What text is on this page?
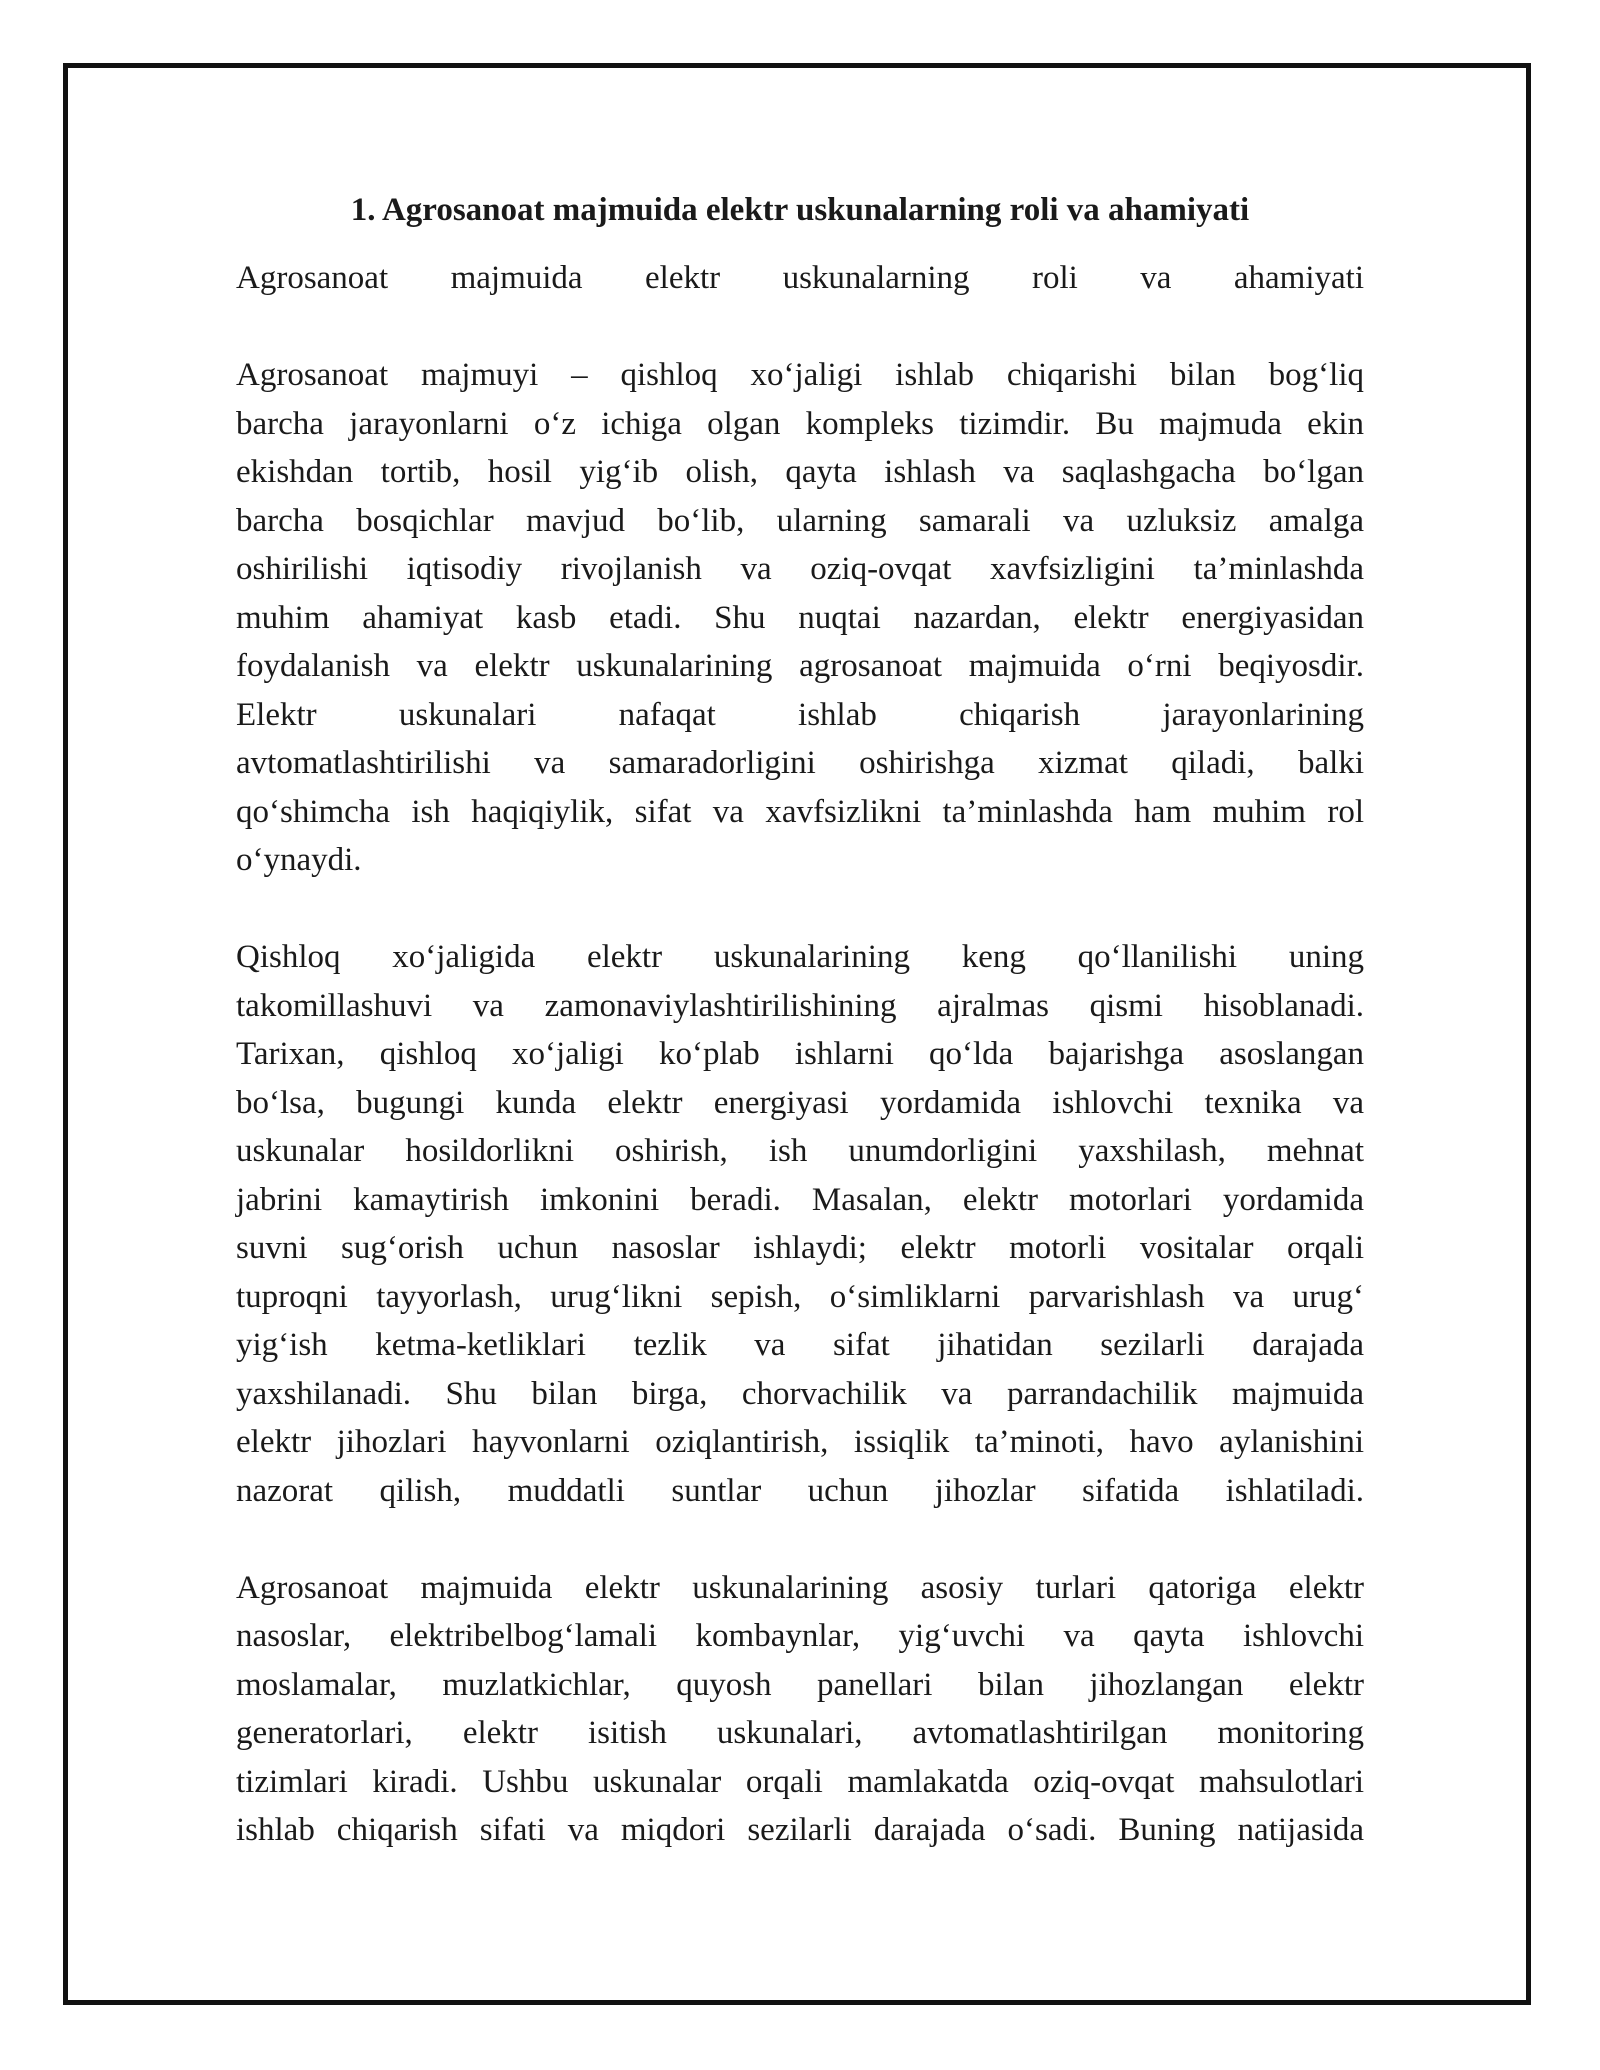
1. Agrosanoat majmuida elektr uskunalarning roli va ahamiyati
Agrosanoat majmuida elektr uskunalarning roli va ahamiyati
Agrosanoat majmuyi – qishloq xo‘jaligi ishlab chiqarishi bilan bog‘liq
barcha jarayonlarni o‘z ichiga olgan kompleks tizimdir. Bu majmuda ekin
ekishdan tortib, hosil yig‘ib olish, qayta ishlash va saqlashgacha bo‘lgan
barcha bosqichlar mavjud bo‘lib, ularning samarali va uzluksiz amalga
oshirilishi iqtisodiy rivojlanish va oziq-ovqat xavfsizligini ta’minlashda
muhim ahamiyat kasb etadi. Shu nuqtai nazardan, elektr energiyasidan
foydalanish va elektr uskunalarining agrosanoat majmuida o‘rni beqiyosdir.
Elektr uskunalari nafaqat ishlab chiqarish jarayonlarining
avtomatlashtirilishi va samaradorligini oshirishga xizmat qiladi, balki
qo‘shimcha ish haqiqiylik, sifat va xavfsizlikni ta’minlashda ham muhim rol
o‘ynaydi.
Qishloq xo‘jaligida elektr uskunalarining keng qo‘llanilishi uning
takomillashuvi va zamonaviylashtirilishining ajralmas qismi hisoblanadi.
Tarixan, qishloq xo‘jaligi ko‘plab ishlarni qo‘lda bajarishga asoslangan
bo‘lsa, bugungi kunda elektr energiyasi yordamida ishlovchi texnika va
uskunalar hosildorlikni oshirish, ish unumdorligini yaxshilash, mehnat
jabrini kamaytirish imkonini beradi. Masalan, elektr motorlari yordamida
suvni sug‘orish uchun nasoslar ishlaydi; elektr motorli vositalar orqali
tuproqni tayyorlash, urug‘likni sepish, o‘simliklarni parvarishlash va urug‘
yig‘ish ketma-ketliklari tezlik va sifat jihatidan sezilarli darajada
yaxshilanadi. Shu bilan birga, chorvachilik va parrandachilik majmuida
elektr jihozlari hayvonlarni oziqlantirish, issiqlik ta’minoti, havo aylanishini
nazorat qilish, muddatli suntlar uchun jihozlar sifatida ishlatiladi.
Agrosanoat majmuida elektr uskunalarining asosiy turlari qatoriga elektr
nasoslar, elektribelbog‘lamali kombaynlar, yig‘uvchi va qayta ishlovchi
moslamalar, muzlatkichlar, quyosh panellari bilan jihozlangan elektr
generatorlari, elektr isitish uskunalari, avtomatlashtirilgan monitoring
tizimlari kiradi. Ushbu uskunalar orqali mamlakatda oziq-ovqat mahsulotlari
ishlab chiqarish sifati va miqdori sezilarli darajada o‘sadi. Buning natijasida
